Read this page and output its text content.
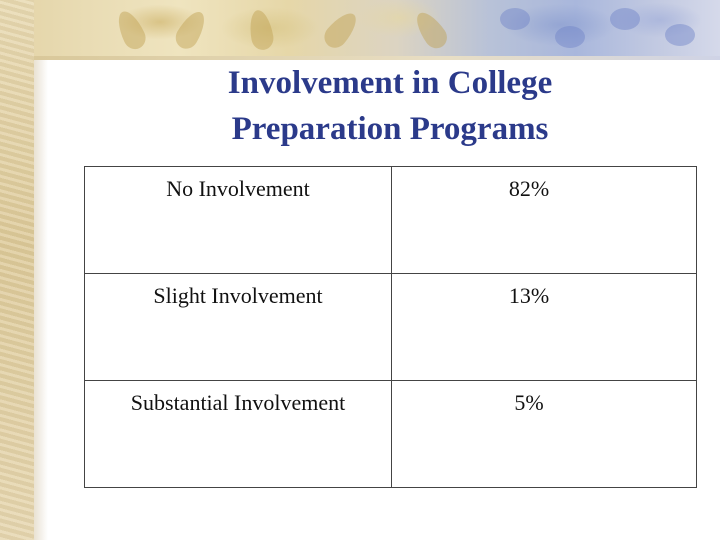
Involvement in College
Preparation Programs
No Involvement	82%

Slight Involvement	13%

Substantial Involvement	5%
